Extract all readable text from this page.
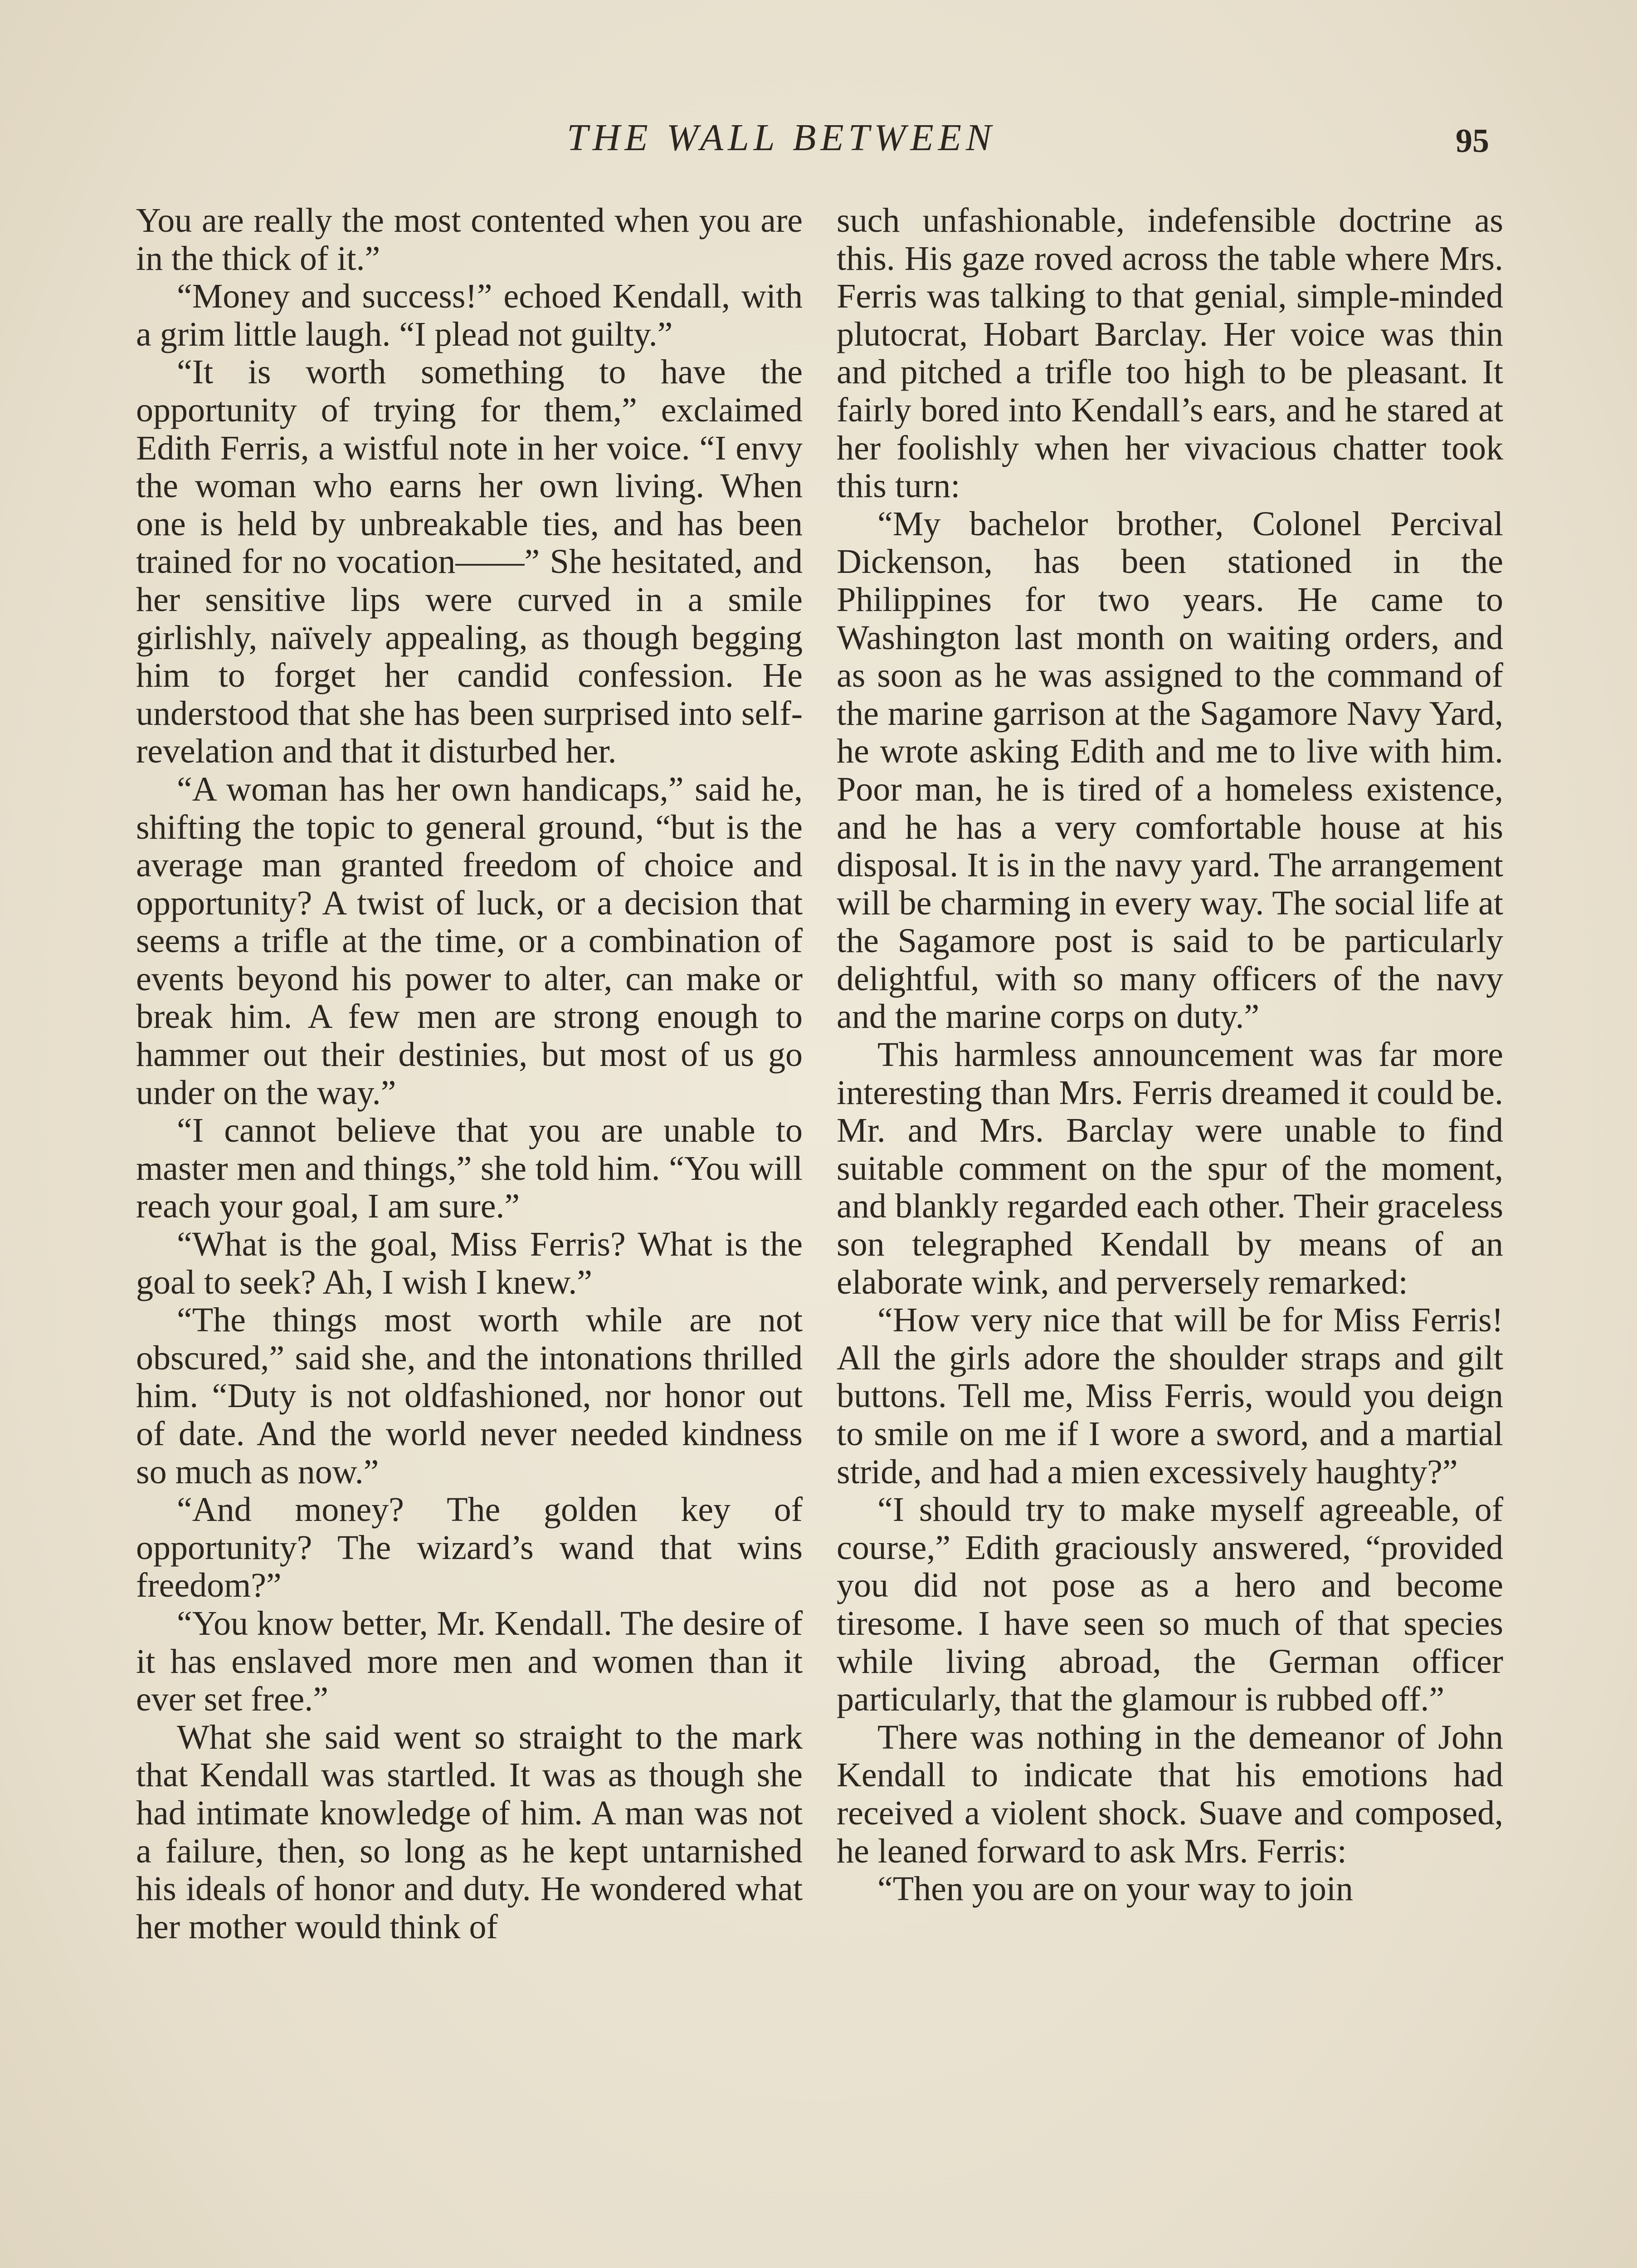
THE WALL BETWEEN	95

You are really the most contented when you are in the thick of it.”

“Money and success!” echoed Kendall, with a grim little laugh. “I plead not guilty.”

“It is worth something to have the opportunity of trying for them,” exclaimed Edith Ferris, a wistful note in her voice. “I envy the woman who earns her own living. When one is held by unbreakable ties, and has been trained for no vocation——” She hesitated, and her sensitive lips were curved in a smile girlishly, naïvely appealing, as though begging him to forget her candid confession. He understood that she has been surprised into self-revelation and that it disturbed her.

“A woman has her own handicaps,” said he, shifting the topic to general ground, “but is the average man granted freedom of choice and opportunity? A twist of luck, or a decision that seems a trifle at the time, or a combination of events beyond his power to alter, can make or break him. A few men are strong enough to hammer out their destinies, but most of us go under on the way.”

“I cannot believe that you are unable to master men and things,” she told him. “You will reach your goal, I am sure.”

“What is the goal, Miss Ferris? What is the goal to seek? Ah, I wish I knew.”

“The things most worth while are not obscured,” said she, and the intonations thrilled him. “Duty is not oldfashioned, nor honor out of date. And the world never needed kindness so much as now.”

“And money? The golden key of opportunity? The wizard’s wand that wins freedom?”

“You know better, Mr. Kendall. The desire of it has enslaved more men and women than it ever set free.”

What she said went so straight to the mark that Kendall was startled. It was as though she had intimate knowledge of him. A man was not a failure, then, so long as he kept untarnished his ideals of honor and duty. He wondered what her mother would think of

such unfashionable, indefensible doctrine as this. His gaze roved across the table where Mrs. Ferris was talking to that genial, simple-minded plutocrat, Hobart Barclay. Her voice was thin and pitched a trifle too high to be pleasant. It fairly bored into Kendall’s ears, and he stared at her foolishly when her vivacious chatter took this turn:

“My bachelor brother, Colonel Percival Dickenson, has been stationed in the Philippines for two years. He came to Washington last month on waiting orders, and as soon as he was assigned to the command of the marine garrison at the Sagamore Navy Yard, he wrote asking Edith and me to live with him. Poor man, he is tired of a homeless existence, and he has a very comfortable house at his disposal. It is in the navy yard. The arrangement will be charming in every way. The social life at the Sagamore post is said to be particularly delightful, with so many officers of the navy and the marine corps on duty.”

This harmless announcement was far more interesting than Mrs. Ferris dreamed it could be. Mr. and Mrs. Barclay were unable to find suitable comment on the spur of the moment, and blankly regarded each other. Their graceless son telegraphed Kendall by means of an elaborate wink, and perversely remarked:

“How very nice that will be for Miss Ferris! All the girls adore the shoulder straps and gilt buttons. Tell me, Miss Ferris, would you deign to smile on me if I wore a sword, and a martial stride, and had a mien excessively haughty?”

“I should try to make myself agreeable, of course,” Edith graciously answered, “provided you did not pose as a hero and become tiresome. I have seen so much of that species while living abroad, the German officer particularly, that the glamour is rubbed off.”

There was nothing in the demeanor of John Kendall to indicate that his emotions had received a violent shock. Suave and composed, he leaned forward to ask Mrs. Ferris:

“Then you are on your way to join
